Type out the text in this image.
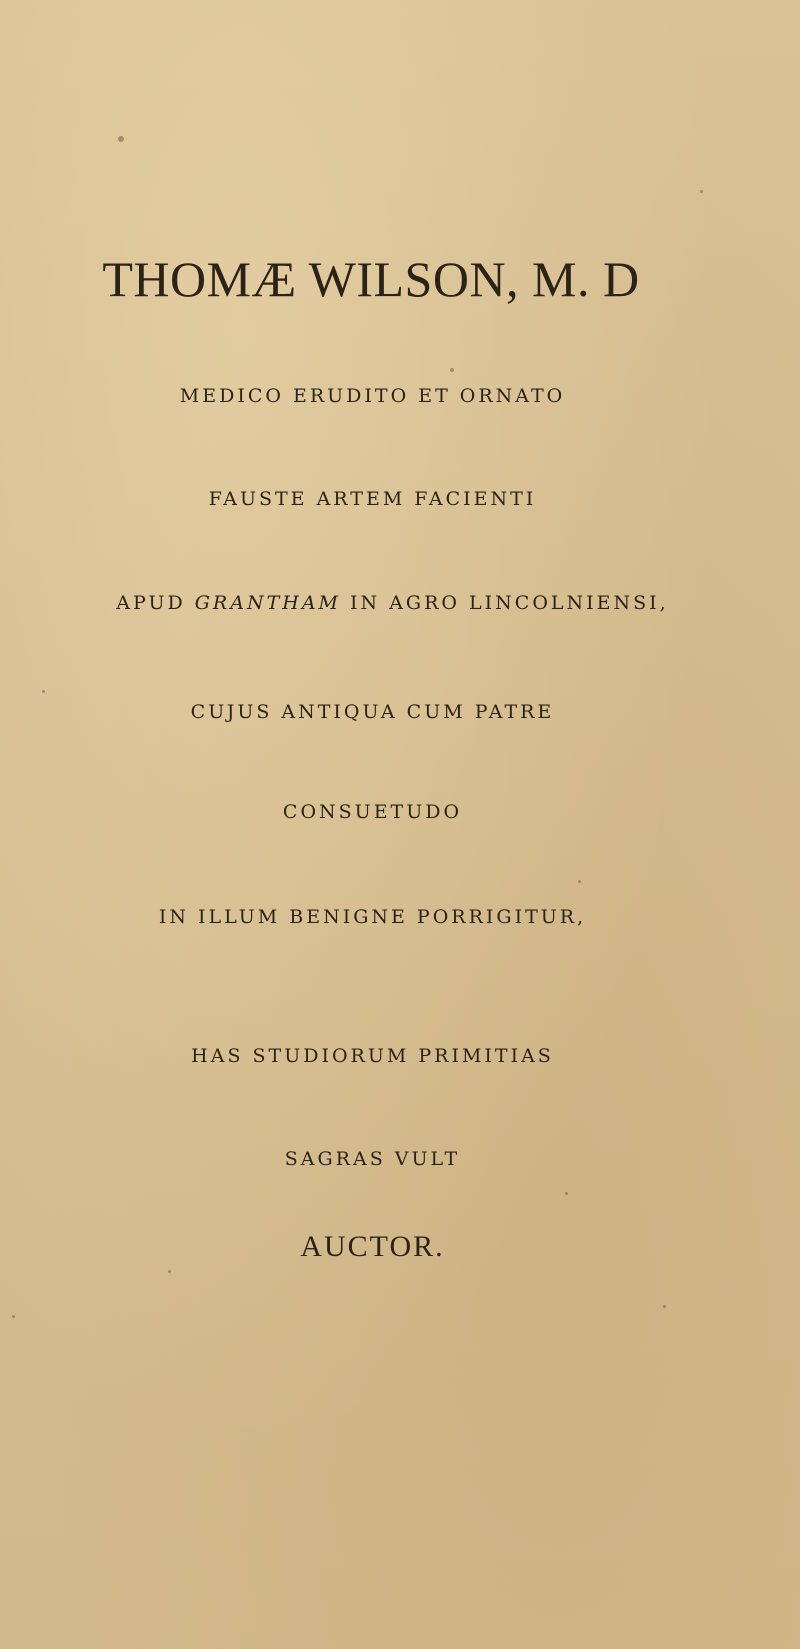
THOMÆ WILSON, M. D
MEDICO ERUDITO ET ORNATO
FAUSTE ARTEM FACIENTI
APUD GRANTHAM IN AGRO LINCOLNIENSI,
CUJUS ANTIQUA CUM PATRE
CONSUETUDO
IN ILLUM BENIGNE PORRIGITUR,
HAS STUDIORUM PRIMITIAS
SAGRAS VULT
AUCTOR.
